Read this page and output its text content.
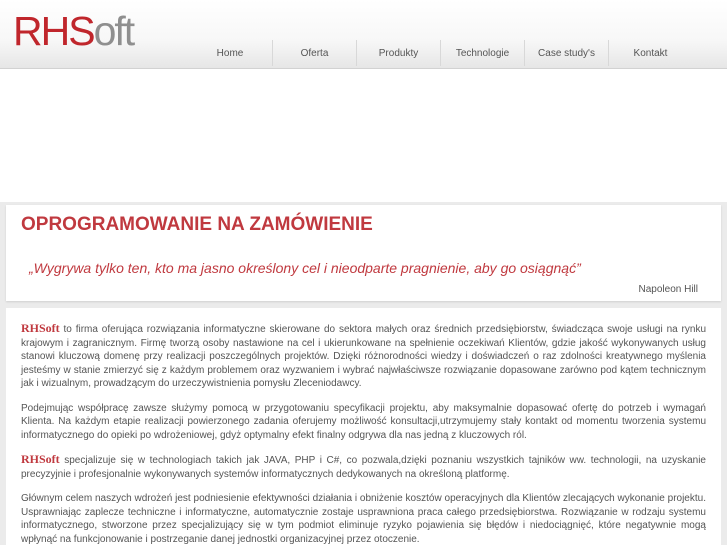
RHSoft	Home	Oferta	Produkty	Technologie	Case study's	Kontakt
OPROGRAMOWANIE NA ZAMÓWIENIE
„Wygrywa tylko ten, kto ma jasno określony cel i nieodparte pragnienie, aby go osiągnąć”
Napoleon Hill

RHSoft to firma oferująca rozwiązania informatyczne skierowane do sektora małych oraz średnich przedsiębiorstw, świadcząca swoje usługi na rynku krajowym i zagranicznym. Firmę tworzą osoby nastawione na cel i ukierunkowane na spełnienie oczekiwań Klientów, gdzie jakość wykonywanych usług stanowi kluczową domenę przy realizacji poszczególnych projektów. Dzięki różnorodności wiedzy i doświadczeń o raz zdolności kreatywnego myślenia jesteśmy w stanie zmierzyć się z każdym problemem oraz wyzwaniem i wybrać najwłaściwsze rozwiązanie dopasowane zarówno pod kątem technicznym jak i wizualnym, prowadzącym do urzeczywistnienia pomysłu Zleceniodawcy.

Podejmując współpracę zawsze służymy pomocą w przygotowaniu specyfikacji projektu, aby maksymalnie dopasować ofertę do potrzeb i wymagań Klienta. Na każdym etapie realizacji powierzonego zadania oferujemy możliwość konsultacji,utrzymujemy stały kontakt od momentu tworzenia systemu informatycznego do opieki po wdrożeniowej, gdyż optymalny efekt finalny odgrywa dla nas jedną z kluczowych ról.

RHSoft specjalizuje się w technologiach takich jak JAVA, PHP i C#, co pozwala,dzięki poznaniu wszystkich tajników ww. technologii, na uzyskanie precyzyjnie i profesjonalnie wykonywanych systemów informatycznych dedykowanych na określoną platformę.

Głównym celem naszych wdrożeń jest podniesienie efektywności działania i obniżenie kosztów operacyjnych dla Klientów zlecających wykonanie projektu. Usprawniając zaplecze techniczne i informatyczne, automatycznie zostaje usprawniona praca całego przedsiębiorstwa. Rozwiązanie w rodzaju systemu informatycznego, stworzone przez specjalizujący się w tym podmiot eliminuje ryzyko pojawienia się błędów i niedociągnięć, które negatywnie mogą wpłynąć na funkcjonowanie i postrzeganie danej jednostki organizacyjnej przez otoczenie.
